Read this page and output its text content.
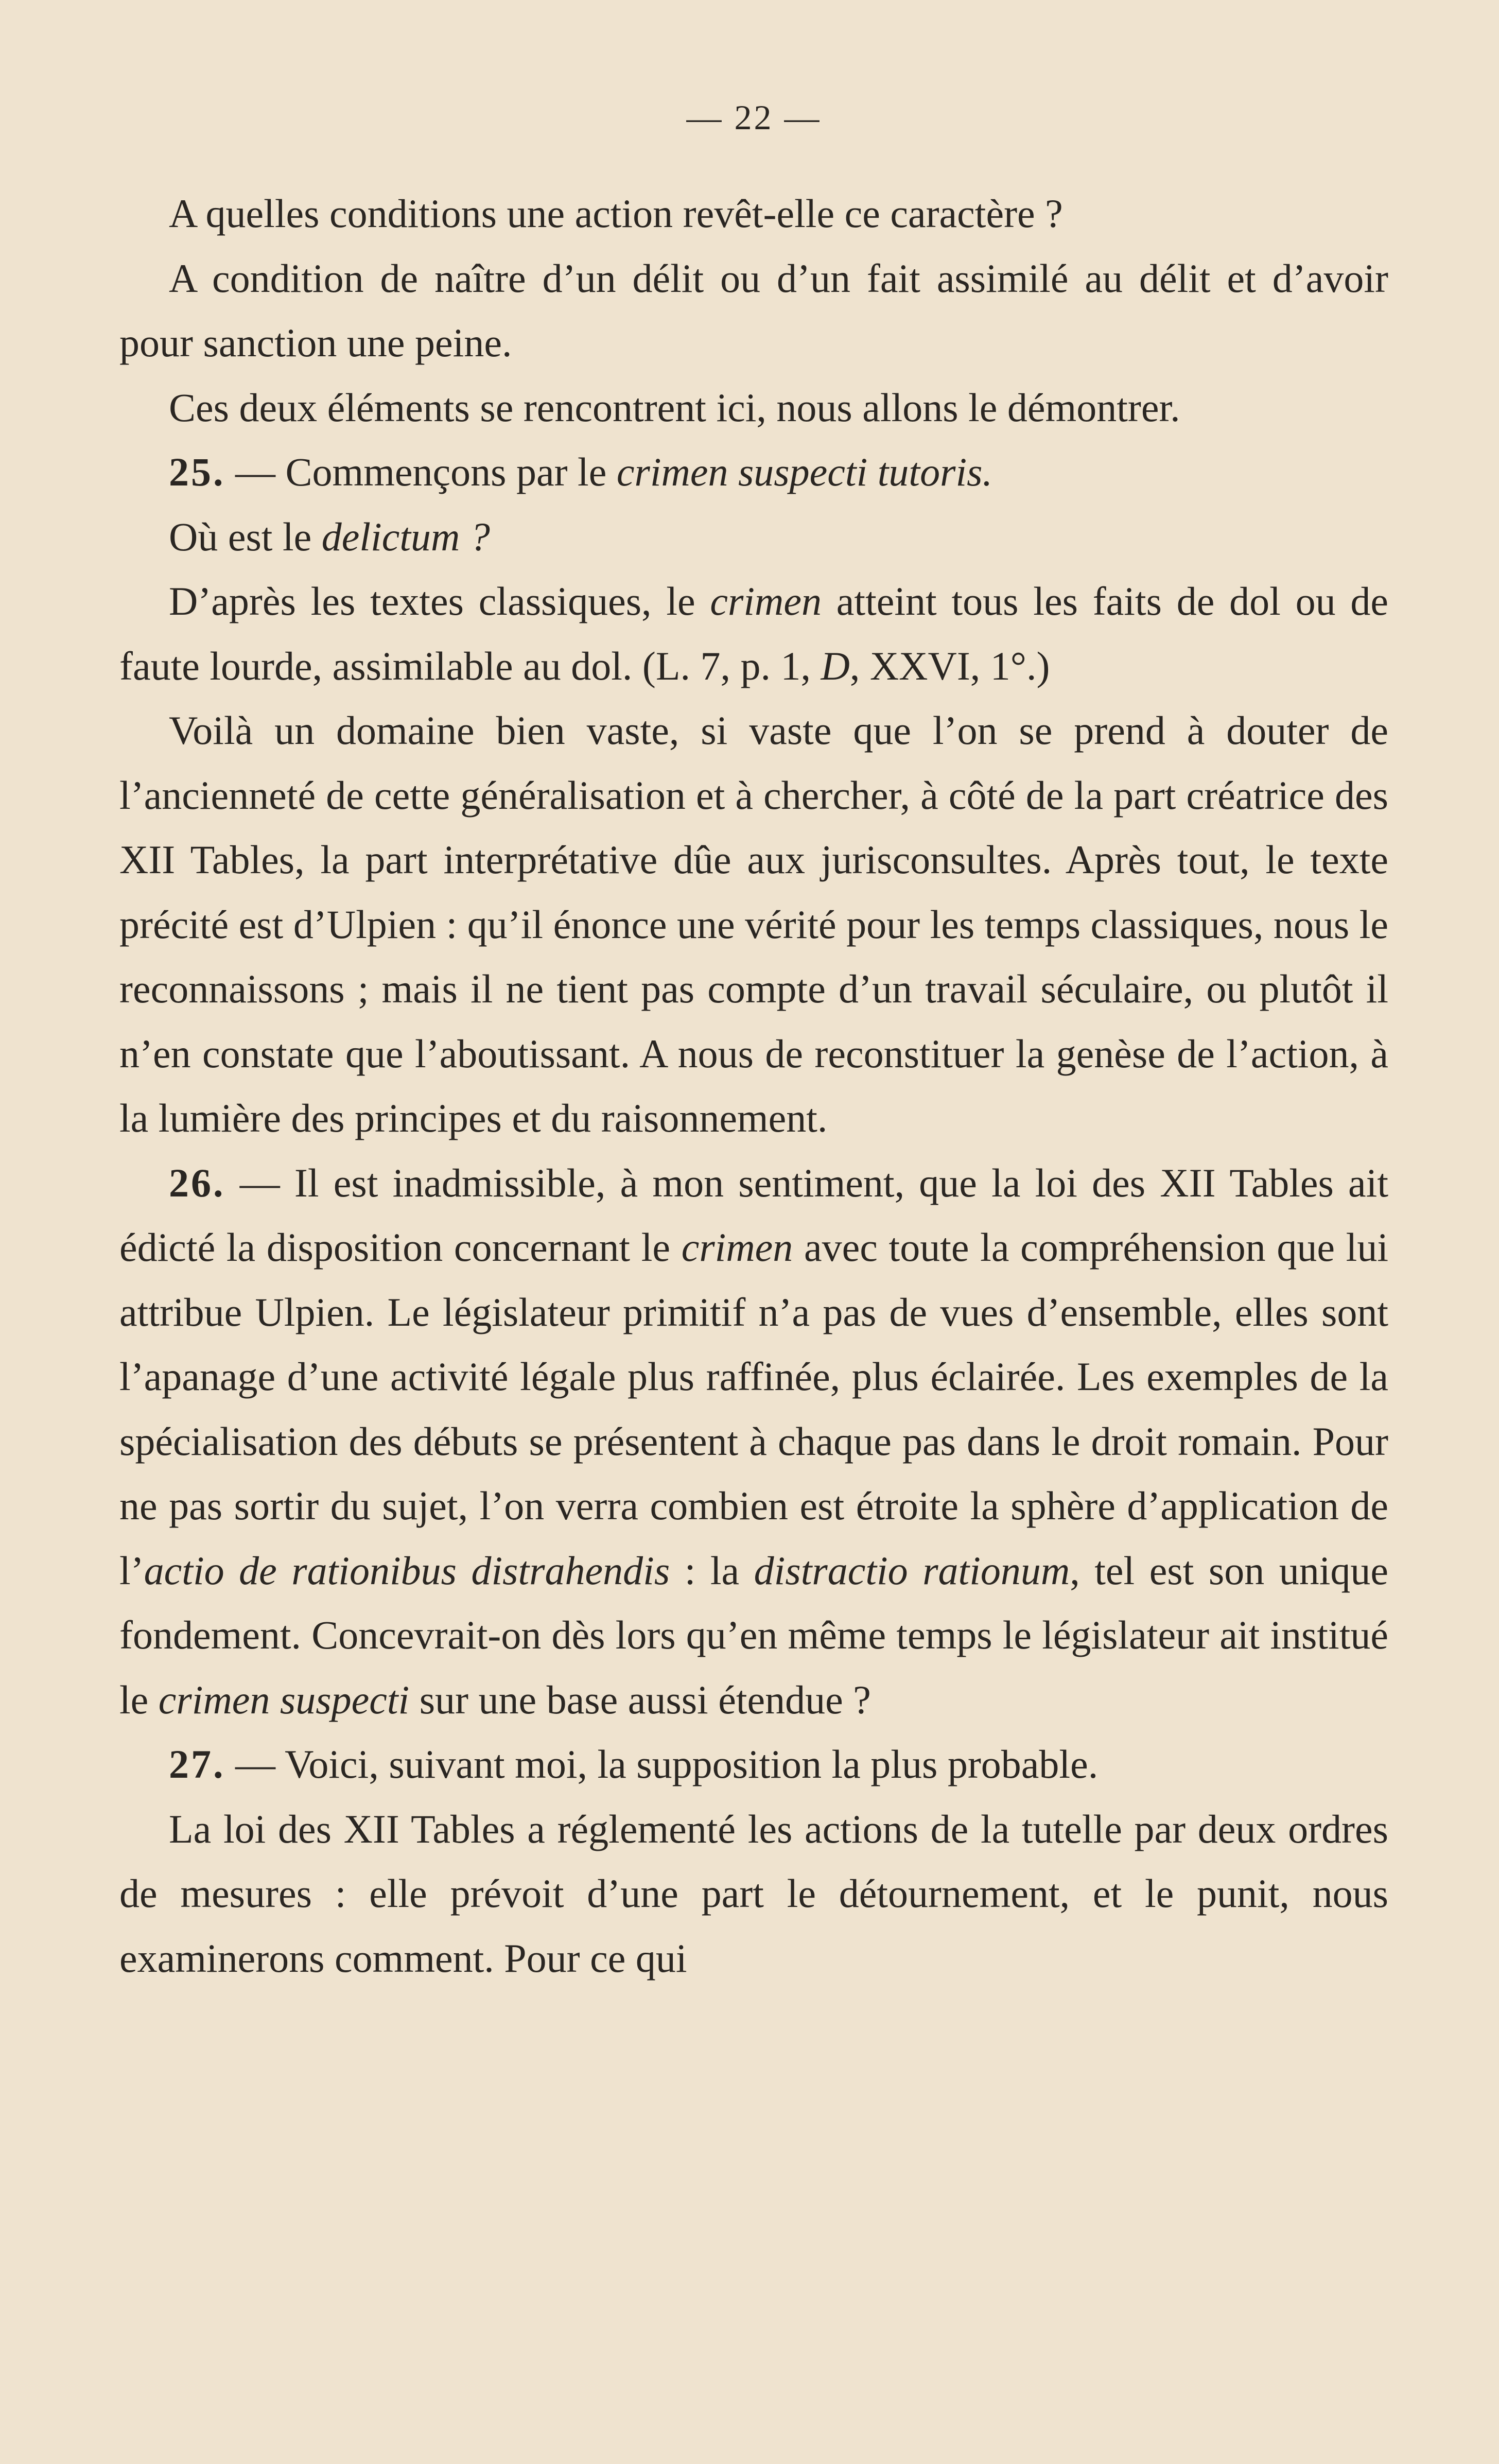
— 22 —

A quelles conditions une action revêt-elle ce caractère ?

A condition de naître d’un délit ou d’un fait assimilé au délit et d’avoir pour sanction une peine.

Ces deux éléments se rencontrent ici, nous allons le démontrer.

25. — Commençons par le crimen suspecti tutoris.

Où est le delictum ?

D’après les textes classiques, le crimen atteint tous les faits de dol ou de faute lourde, assimilable au dol. (L. 7, p. 1, D, XXVI, 1°.)

Voilà un domaine bien vaste, si vaste que l’on se prend à douter de l’ancienneté de cette généralisation et à chercher, à côté de la part créatrice des XII Tables, la part interprétative dûe aux jurisconsultes. Après tout, le texte précité est d’Ulpien : qu’il énonce une vérité pour les temps classiques, nous le reconnaissons ; mais il ne tient pas compte d’un travail séculaire, ou plutôt il n’en constate que l’aboutissant. A nous de reconstituer la genèse de l’action, à la lumière des principes et du raisonnement.

26. — Il est inadmissible, à mon sentiment, que la loi des XII Tables ait édicté la disposition concernant le crimen avec toute la compréhension que lui attribue Ulpien. Le législateur primitif n’a pas de vues d’ensemble, elles sont l’apanage d’une activité légale plus raffinée, plus éclairée. Les exemples de la spécialisation des débuts se présentent à chaque pas dans le droit romain. Pour ne pas sortir du sujet, l’on verra combien est étroite la sphère d’application de l’actio de rationibus distrahendis : la distractio rationum, tel est son unique fondement. Concevrait-on dès lors qu’en même temps le législateur ait institué le crimen suspecti sur une base aussi étendue ?

27. — Voici, suivant moi, la supposition la plus probable.

La loi des XII Tables a réglementé les actions de la tutelle par deux ordres de mesures : elle prévoit d’une part le détournement, et le punit, nous examinerons comment. Pour ce qui
